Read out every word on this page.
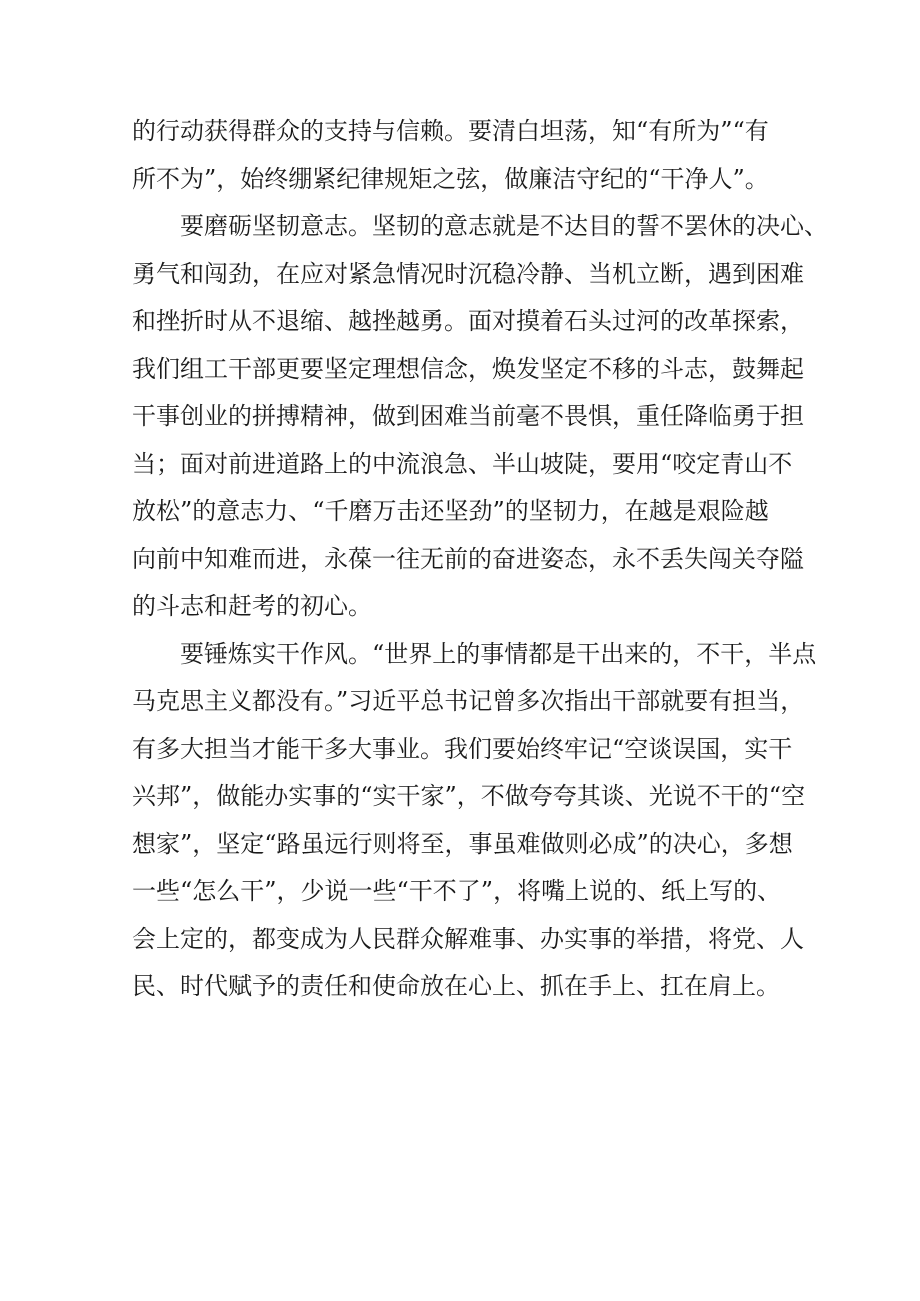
的行动获得群众的支持与信赖。要清白坦荡，知“有所为”“有
所不为”，始终绷紧纪律规矩之弦，做廉洁守纪的“干净人”。
　　要磨砺坚韧意志。坚韧的意志就是不达目的誓不罢休的决心、
勇气和闯劲，在应对紧急情况时沉稳冷静、当机立断，遇到困难
和挫折时从不退缩、越挫越勇。面对摸着石头过河的改革探索，
我们组工干部更要坚定理想信念，焕发坚定不移的斗志，鼓舞起
干事创业的拼搏精神，做到困难当前毫不畏惧，重任降临勇于担
当；面对前进道路上的中流浪急、半山坡陡，要用“咬定青山不
放松”的意志力、“千磨万击还坚劲”的坚韧力，在越是艰险越
向前中知难而进，永葆一往无前的奋进姿态，永不丢失闯关夺隘
的斗志和赶考的初心。
　　要锤炼实干作风。“世界上的事情都是干出来的，不干，半点
马克思主义都没有。”习近平总书记曾多次指出干部就要有担当，
有多大担当才能干多大事业。我们要始终牢记“空谈误国，实干
兴邦”，做能办实事的“实干家”，不做夸夸其谈、光说不干的“空
想家”，坚定“路虽远行则将至，事虽难做则必成”的决心，多想
一些“怎么干”，少说一些“干不了”，将嘴上说的、纸上写的、
会上定的，都变成为人民群众解难事、办实事的举措，将党、人
民、时代赋予的责任和使命放在心上、抓在手上、扛在肩上。
